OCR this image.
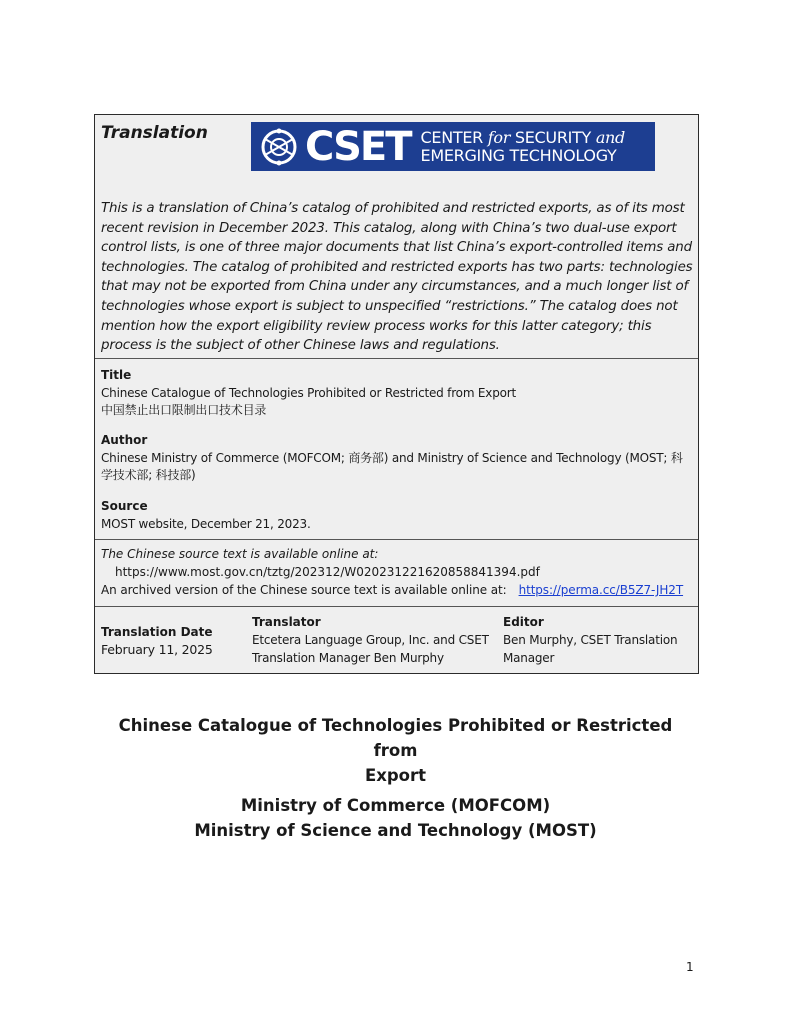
Translation CSET CENTER for SECURITY and
EMERGING TECHNOLOGY
This is a translation of China’s catalog of prohibited and restricted exports, as of its most recent revision in December 2023. This catalog, along with China’s two dual-use export control lists, is one of three major documents that list China’s export-controlled items and technologies. The catalog of prohibited and restricted exports has two parts: technologies that may not be exported from China under any circumstances, and a much longer list of technologies whose export is subject to unspecified “restrictions.” The catalog does not mention how the export eligibility review process works for this latter category; this process is the subject of other Chinese laws and regulations.
Title
Chinese Catalogue of Technologies Prohibited or Restricted from Export
中国禁止出口限制出口技术目录
Author
Chinese Ministry of Commerce (MOFCOM; 商务部) and Ministry of Science and Technology (MOST; 科
学技术部; 科技部)
Source
MOST website, December 21, 2023.
The Chinese source text is available online at:
https://www.most.gov.cn/tztg/202312/W020231221620858841394.pdf
An archived version of the Chinese source text is available online at: https://perma.cc/B5Z7-JH2T
Translation Date
February 11, 2025
Translator
Etcetera Language Group, Inc. and CSET
Translation Manager Ben Murphy
Editor
Ben Murphy, CSET Translation
Manager
Chinese Catalogue of Technologies Prohibited or Restricted from
Export
Ministry of Commerce (MOFCOM)
Ministry of Science and Technology (MOST)
1
